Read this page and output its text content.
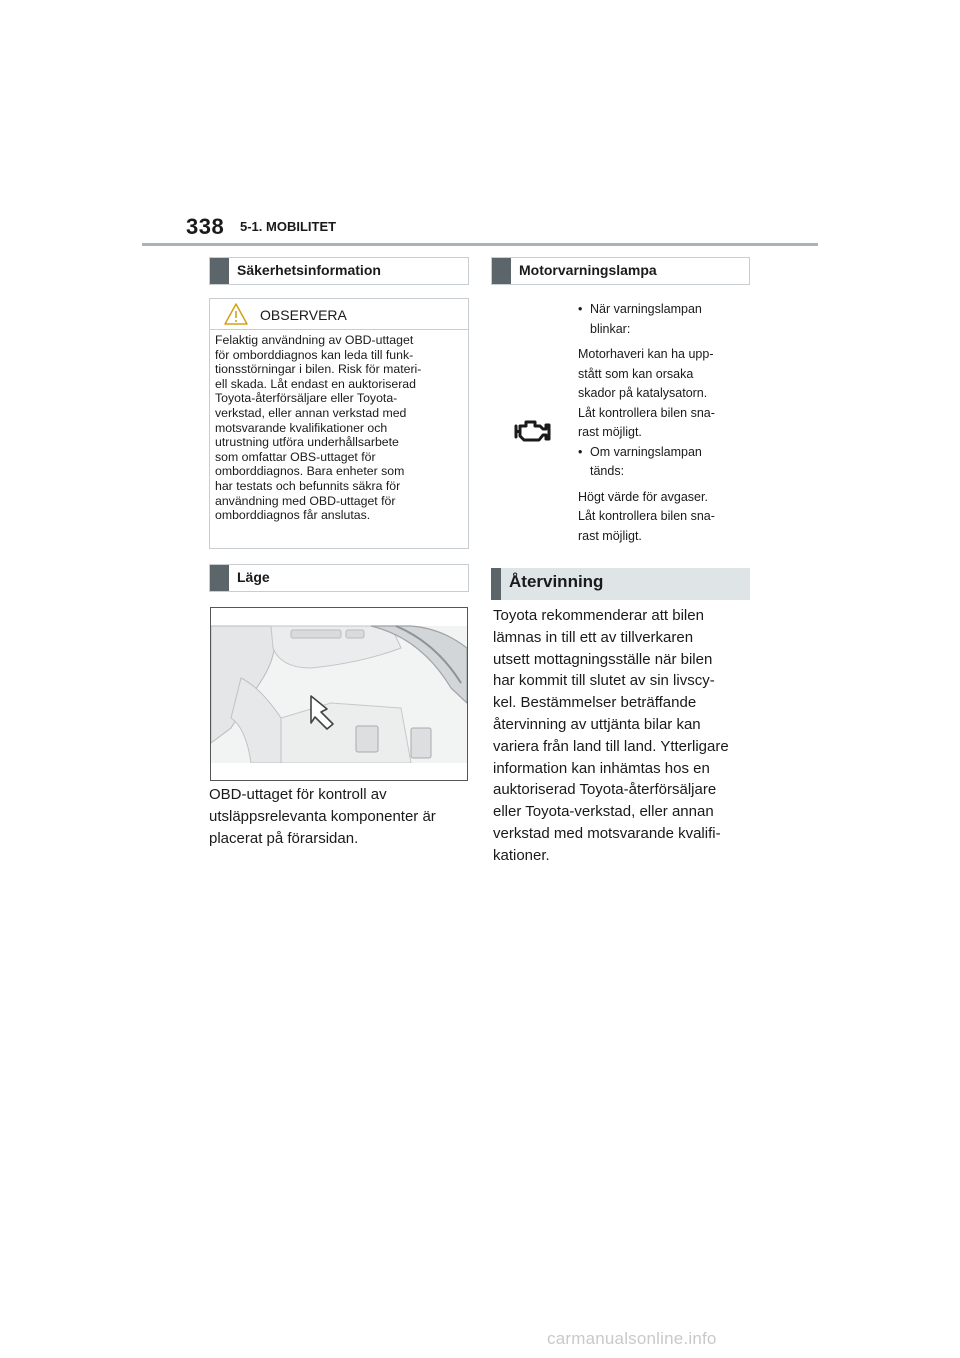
338 5-1. MOBILITET
Säkerhetsinformation
OBSERVERA
Felaktig användning av OBD-uttaget
för omborddiagnos kan leda till funk-
tionsstörningar i bilen. Risk för materi-
ell skada. Låt endast en auktoriserad
Toyota-återförsäljare eller Toyota-
verkstad, eller annan verkstad med
motsvarande kvalifikationer och
utrustning utföra underhållsarbete
som omfattar OBS-uttaget för
omborddiagnos. Bara enheter som
har testats och befunnits säkra för
användning med OBD-uttaget för
omborddiagnos får anslutas.
Läge
OBD-uttaget för kontroll av
utsläppsrelevanta komponenter är
placerat på förarsidan.
Motorvarningslampa
• När varningslampan
blinkar:
Motorhaveri kan ha upp-
stått som kan orsaka
skador på katalysatorn.
Låt kontrollera bilen sna-
rast möjligt.
• Om varningslampan
tänds:
Högt värde för avgaser.
Låt kontrollera bilen sna-
rast möjligt.
Återvinning
Toyota rekommenderar att bilen
lämnas in till ett av tillverkaren
utsett mottagningsställe när bilen
har kommit till slutet av sin livscy-
kel. Bestämmelser beträffande
återvinning av uttjänta bilar kan
variera från land till land. Ytterligare
information kan inhämtas hos en
auktoriserad Toyota-återförsäljare
eller Toyota-verkstad, eller annan
verkstad med motsvarande kvalifi-
kationer.
carmanualsonline.info
